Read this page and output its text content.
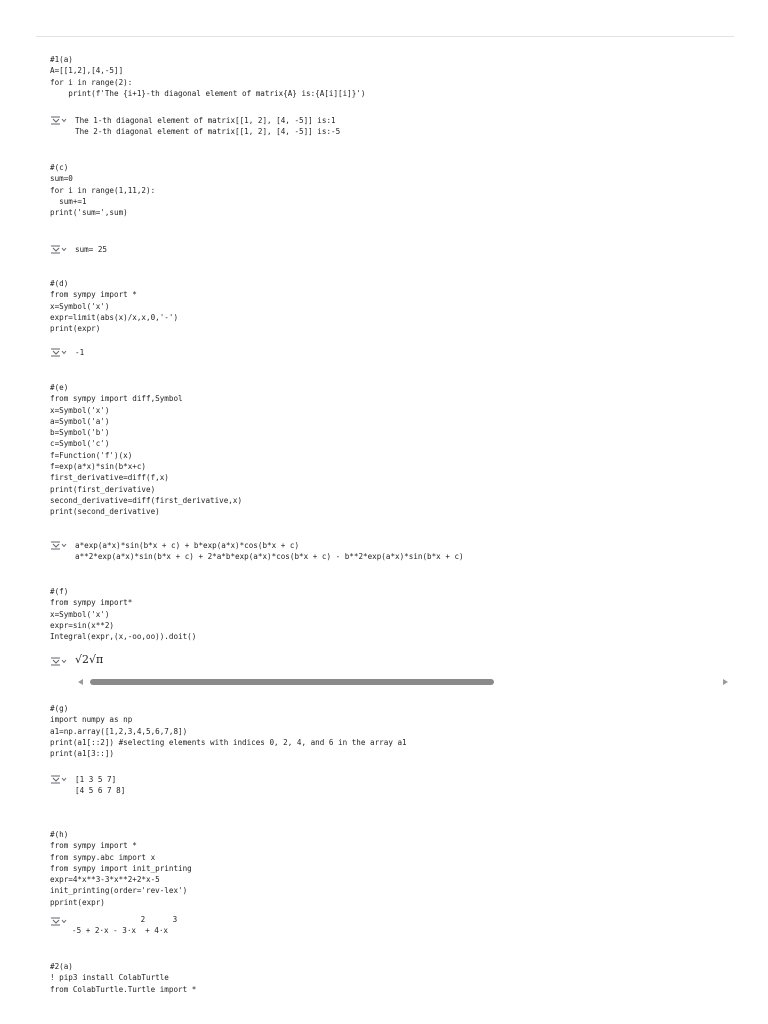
#1(a)
A=[[1,2],[4,-5]]
for i in range(2):
print(f'The {i+1}-th diagonal element of matrix{A} is:{A[i][i]}')
The 1-th diagonal element of matrix[[1, 2], [4, -5]] is:1
The 2-th diagonal element of matrix[[1, 2], [4, -5]] is:-5
#(c)
sum=0
for i in range(1,11,2):
sum+=1
print('sum=',sum)
sum= 25
#(d)
from sympy import *
x=Symbol('x')
expr=limit(abs(x)/x,x,0,'-')
print(expr)
-1
#(e)
from sympy import diff,Symbol
x=Symbol('x')
a=Symbol('a')
b=Symbol('b')
c=Symbol('c')
f=Function('f')(x)
f=exp(a*x)*sin(b*x+c)
first_derivative=diff(f,x)
print(first_derivative)
second_derivative=diff(first_derivative,x)
print(second_derivative)
a*exp(a*x)*sin(b*x + c) + b*exp(a*x)*cos(b*x + c)
a**2*exp(a*x)*sin(b*x + c) + 2*a*b*exp(a*x)*cos(b*x + c) - b**2*exp(a*x)*sin(b*x + c)
#(f)
from sympy import*
x=Symbol('x')
expr=sin(x**2)
Integral(expr,(x,-oo,oo)).doit()
√2√π
#(g)
import numpy as np
a1=np.array([1,2,3,4,5,6,7,8])
print(a1[::2]) #selecting elements with indices 0, 2, 4, and 6 in the array a1
print(a1[3::])
[1 3 5 7]
[4 5 6 7 8]
#(h)
from sympy import *
from sympy.abc import x
from sympy import init_printing
expr=4*x**3-3*x**2+2*x-5
init_printing(order='rev-lex')
pprint(expr)
2      3
-5 + 2⋅x - 3⋅x  + 4⋅x
#2(a)
! pip3 install ColabTurtle
from ColabTurtle.Turtle import *
